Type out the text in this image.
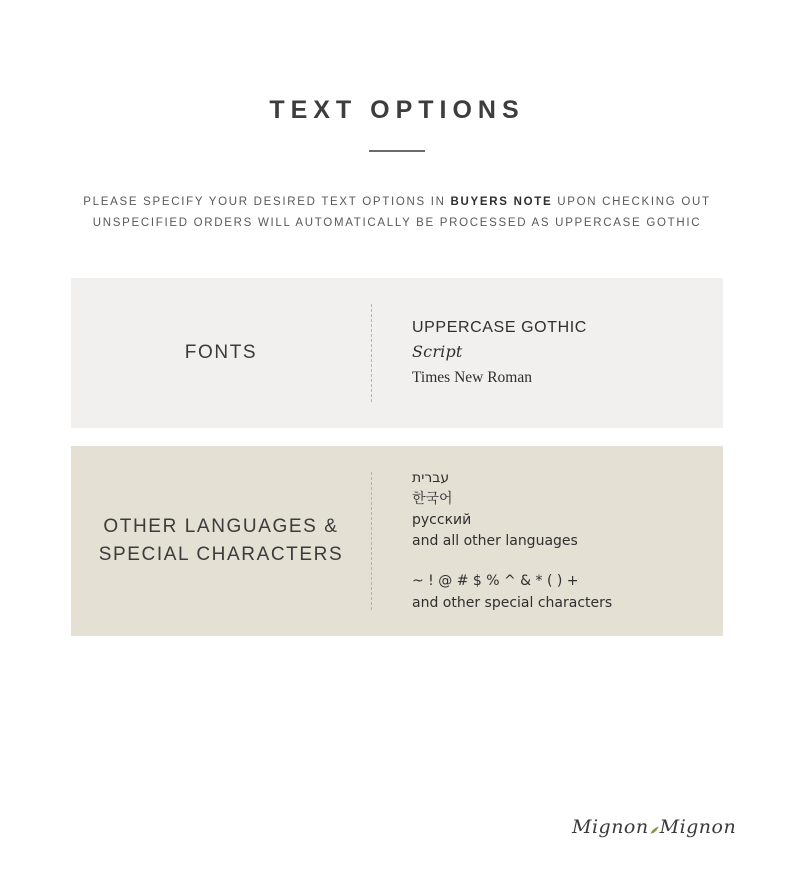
TEXT OPTIONS
PLEASE SPECIFY YOUR DESIRED TEXT OPTIONS IN BUYERS NOTE UPON CHECKING OUT
UNSPECIFIED ORDERS WILL AUTOMATICALLY BE PROCESSED AS UPPERCASE GOTHIC
FONTS
UPPERCASE GOTHIC
Script
Times New Roman
OTHER LANGUAGES &
SPECIAL CHARACTERS
עברית
한국어
русский
and all other languages
~ ! @ # $ % ^ & * ( ) +
and other special characters
Mignon Mignon
